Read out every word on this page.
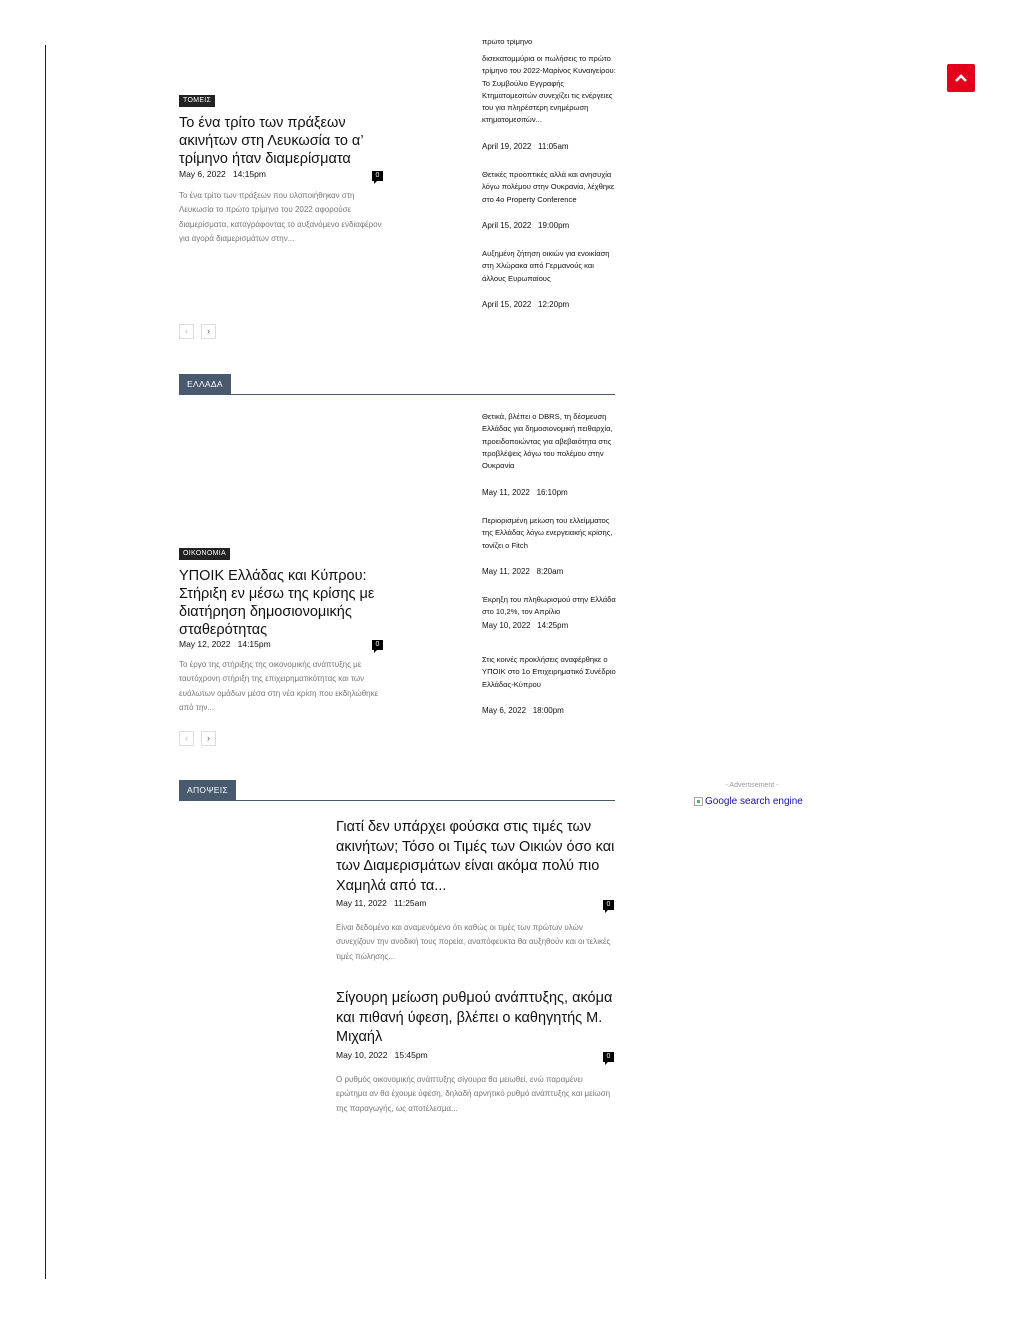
πρώτο τρίμηνο
ΤΟΜΕΙΣ
Το ένα τρίτο των πράξεων ακινήτων στη Λευκωσία το α’ τρίμηνο ήταν διαμερίσματα
May 6, 2022 14:15pm	0

Το ένα τρίτο των πράξεων που υλοποιήθηκαν στη Λευκωσία το πρώτο τρίμηνο του 2022 αφορούσε διαμερίσματα, καταγράφοντας το αυξανόμενο ενδιαφέρον για αγορά διαμερισμάτων στην...

δισεκατομμύρια οι πωλήσεις το πρώτο τρίμηνο του 2022-Μαρίνος Κυναιγείρου: Το Συμβούλιο Εγγραφής Κτηματομεσιτών συνεχίζει τις ενέργειες του για πληρέστερη ενημέρωση κτηματομεσιτών...

April 19, 2022 11:05am

Θετικές προοπτικές αλλά και ανησυχία λόγω πολέμου στην Ουκρανία, λέχθηκε στο 4ο Property Conference

April 15, 2022 19:00pm

Αυξημένη ζήτηση οικιών για ενοικίαση στη Χλώρακα από Γερμανούς και άλλους Ευρωπαίους

April 15, 2022 12:20pm
‹	›
ΕΛΛΑΔΑ
ΟΙΚΟΝΟΜΙΑ
ΥΠΟΙΚ Ελλάδας και Κύπρου: Στήριξη εν μέσω της κρίσης με διατήρηση δημοσιονομικής σταθερότητας
May 12, 2022 14:15pm	0

Το έργο της στήριξης της οικονομικής ανάπτυξης με ταυτόχρονη στήριξη της επιχειρηματικότητας και των ευάλωτων ομάδων μέσα στη νέα κρίση που εκδηλώθηκε από την...

Θετικά, βλέπει ο DBRS, τη δέσμευση Ελλάδας για δημοσιονομική πειθαρχία, προειδοποιώντας για αβεβαιότητα στις προβλέψεις λόγω του πολέμου στην Ουκρανία

May 11, 2022 16:10pm

Περιορισμένη μείωση του ελλείμματος της Ελλάδας λόγω ενεργειακής κρίσης, τονίζει ο Fitch

May 11, 2022 8:20am

Έκρηξη του πληθωρισμού στην Ελλάδα στο 10,2%, τον Απρίλιο

May 10, 2022 14:25pm

Στις κοινές προκλήσεις αναφέρθηκε ο ΥΠΟΙΚ στο 1ο Επιχειρηματικό Συνέδριο Ελλάδας-Κύπρου

May 6, 2022 18:00pm
‹	›
ΑΠΟΨΕΙΣ
Γιατί δεν υπάρχει φούσκα στις τιμές των ακινήτων; Τόσο οι Τιμές των Οικιών όσο και των Διαμερισμάτων είναι ακόμα πολύ πιο Χαμηλά από τα...
May 11, 2022 11:25am	0

Είναι δεδομένο και αναμενόμενο ότι καθώς οι τιμές των πρώτων υλών συνεχίζουν την ανοδική τους πορεία, αναπόφευκτα θα αυξηθούν και οι τελικές τιμές πώλησης...

Σίγουρη μείωση ρυθμού ανάπτυξης, ακόμα και πιθανή ύφεση, βλέπει ο καθηγητής Μ. Μιχαήλ
May 10, 2022 15:45pm	0

Ο ρυθμός οικονομικής ανάπτυξης σίγουρα θα μειωθεί, ενώ παραμένει ερώτημα αν θα έχουμε ύφεση, δηλαδή αρνητικό ρυθμό ανάπτυξης και μείωση της παραγωγής, ως αποτέλεσμα...

- Advertisement -
Google search engine
